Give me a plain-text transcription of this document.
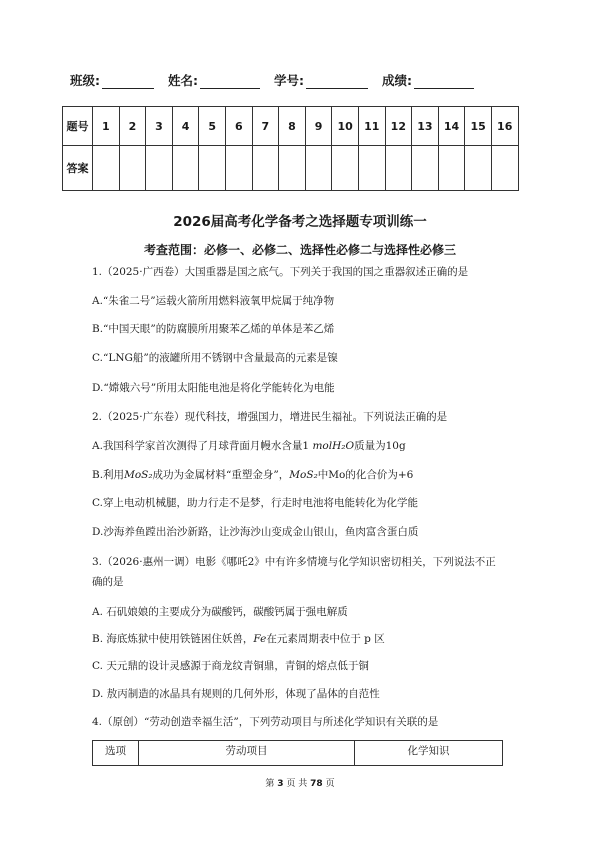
班级:	姓名:	学号:	成绩:
题号	1	2	3	4	5	6	7	8	9	10	11	12	13	14	15	16
答案																
2026届高考化学备考之选择题专项训练一
考查范围：必修一、必修二、选择性必修二与选择性必修三
1.（2025·广西卷）大国重器是国之底气。下列关于我国的国之重器叙述正确的是
A.“朱雀二号”运载火箭所用燃料液氧甲烷属于纯净物
B.“中国天眼”的防腐膜所用聚苯乙烯的单体是苯乙烯
C.“LNG船”的液罐所用不锈钢中含量最高的元素是镍
D.“嫦娥六号”所用太阳能电池是将化学能转化为电能
2.（2025·广东卷）现代科技，增强国力，增进民生福祉。下列说法正确的是
A.我国科学家首次测得了月球背面月幔水含量1 molH₂O质量为10g
B.利用MoS₂成功为金属材料“重塑金身”，MoS₂中Mo的化合价为+6
C.穿上电动机械腿，助力行走不是梦，行走时电池将电能转化为化学能
D.沙海养鱼蹚出治沙新路，让沙海沙山变成金山银山，鱼肉富含蛋白质
3.（2026·惠州一调）电影《哪吒2》中有许多情境与化学知识密切相关，下列说法不正
确的是
A. 石矶娘娘的主要成分为碳酸钙，碳酸钙属于强电解质
B. 海底炼狱中使用铁链困住妖兽，Fe在元素周期表中位于 p 区
C. 天元鼎的设计灵感源于商龙纹青铜鼎，青铜的熔点低于铜
D. 敖丙制造的冰晶具有规则的几何外形，体现了晶体的自范性
4.（原创）“劳动创造幸福生活”，下列劳动项目与所述化学知识有关联的是
选项	劳动项目	化学知识
第 3 页 共 78 页
